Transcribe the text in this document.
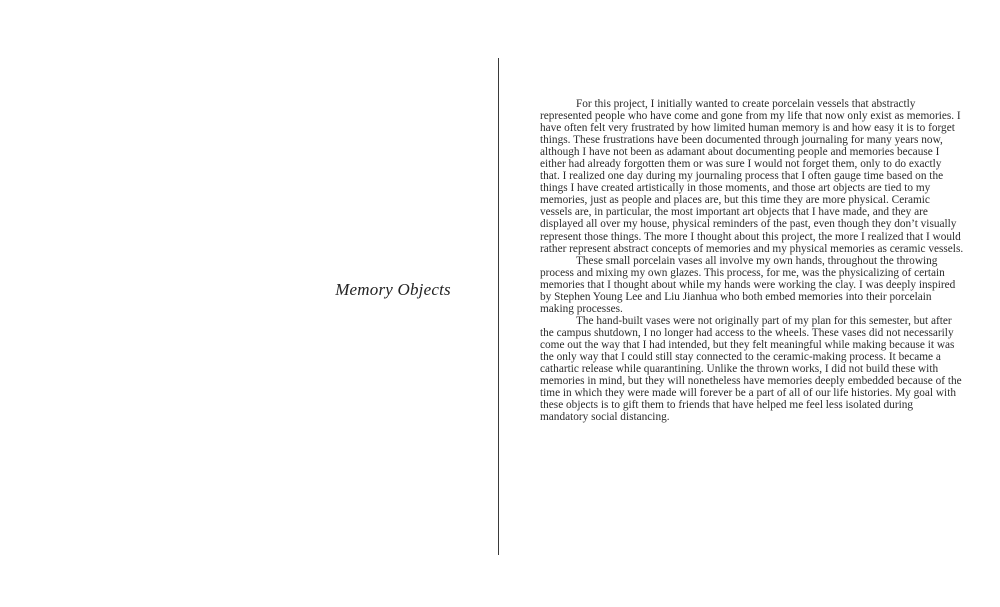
Memory Objects

For this project, I initially wanted to create porcelain vessels that abstractly represented people who have come and gone from my life that now only exist as memories. I have often felt very frustrated by how limited human memory is and how easy it is to forget things. These frustrations have been documented through journaling for many years now, although I have not been as adamant about documenting people and memories because I either had already forgotten them or was sure I would not forget them, only to do exactly that. I realized one day during my journaling process that I often gauge time based on the things I have created artistically in those moments, and those art objects are tied to my memories, just as people and places are, but this time they are more physical. Ceramic vessels are, in particular, the most important art objects that I have made, and they are displayed all over my house, physical reminders of the past, even though they don’t visually represent those things. The more I thought about this project, the more I realized that I would rather represent abstract concepts of memories and my physical memories as ceramic vessels.

These small porcelain vases all involve my own hands, throughout the throwing process and mixing my own glazes. This process, for me, was the physicalizing of certain memories that I thought about while my hands were working the clay. I was deeply inspired by Stephen Young Lee and Liu Jianhua who both embed memories into their porcelain making processes.

The hand-built vases were not originally part of my plan for this semester, but after the campus shutdown, I no longer had access to the wheels. These vases did not necessarily come out the way that I had intended, but they felt meaningful while making because it was the only way that I could still stay connected to the ceramic-making process. It became a cathartic release while quarantining. Unlike the thrown works, I did not build these with memories in mind, but they will nonetheless have memories deeply embedded because of the time in which they were made will forever be a part of all of our life histories. My goal with these objects is to gift them to friends that have helped me feel less isolated during mandatory social distancing.
